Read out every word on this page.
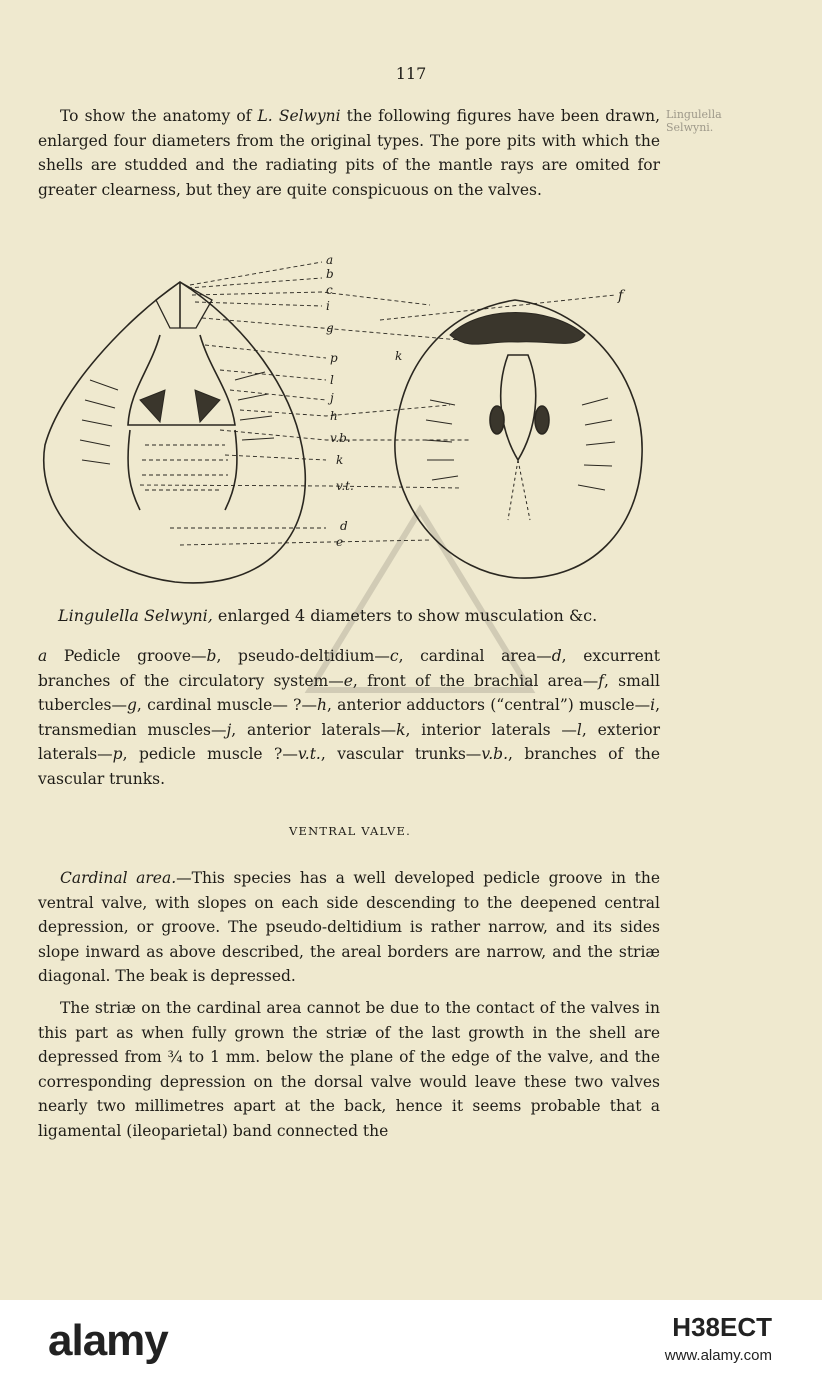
117

To show the anatomy of L. Selwyni the following figures have been drawn, enlarged four diameters from the original types. The pore pits with which the shells are studded and the radiating pits of the mantle rays are omited for greater clearness, but they are quite conspicuous on the valves.

Lingulella Selwyni.
a
b
c
i
g
p	k
l
j
h
v.b.
k
v.t.
d
e
f
Lingulella Selwyni, enlarged 4 diameters to show musculation &c.

a Pedicle groove—b, pseudo-deltidium—c, cardinal area—d, excurrent branches of the circulatory system—e, front of the brachial area—f, small tubercles—g, cardinal muscle— ?—h, anterior adductors (“central”) muscle—i, transmedian muscles—j, anterior laterals—k, interior laterals —l, exterior laterals—p, pedicle muscle ?—v.t., vascular trunks—v.b., branches of the vascular trunks.

VENTRAL VALVE.

Cardinal area.—This species has a well developed pedicle groove in the ventral valve, with slopes on each side descending to the deepened central depression, or groove. The pseudo-deltidium is rather narrow, and its sides slope inward as above described, the areal borders are narrow, and the striæ diagonal. The beak is depressed.

The striæ on the cardinal area cannot be due to the contact of the valves in this part as when fully grown the striæ of the last growth in the shell are depressed from ¾ to 1 mm. below the plane of the edge of the valve, and the corresponding depression on the dorsal valve would leave these two valves nearly two millimetres apart at the back, hence it seems probable that a ligamental (ileoparietal) band connected the

alamy	H38ECT
www.alamy.com
